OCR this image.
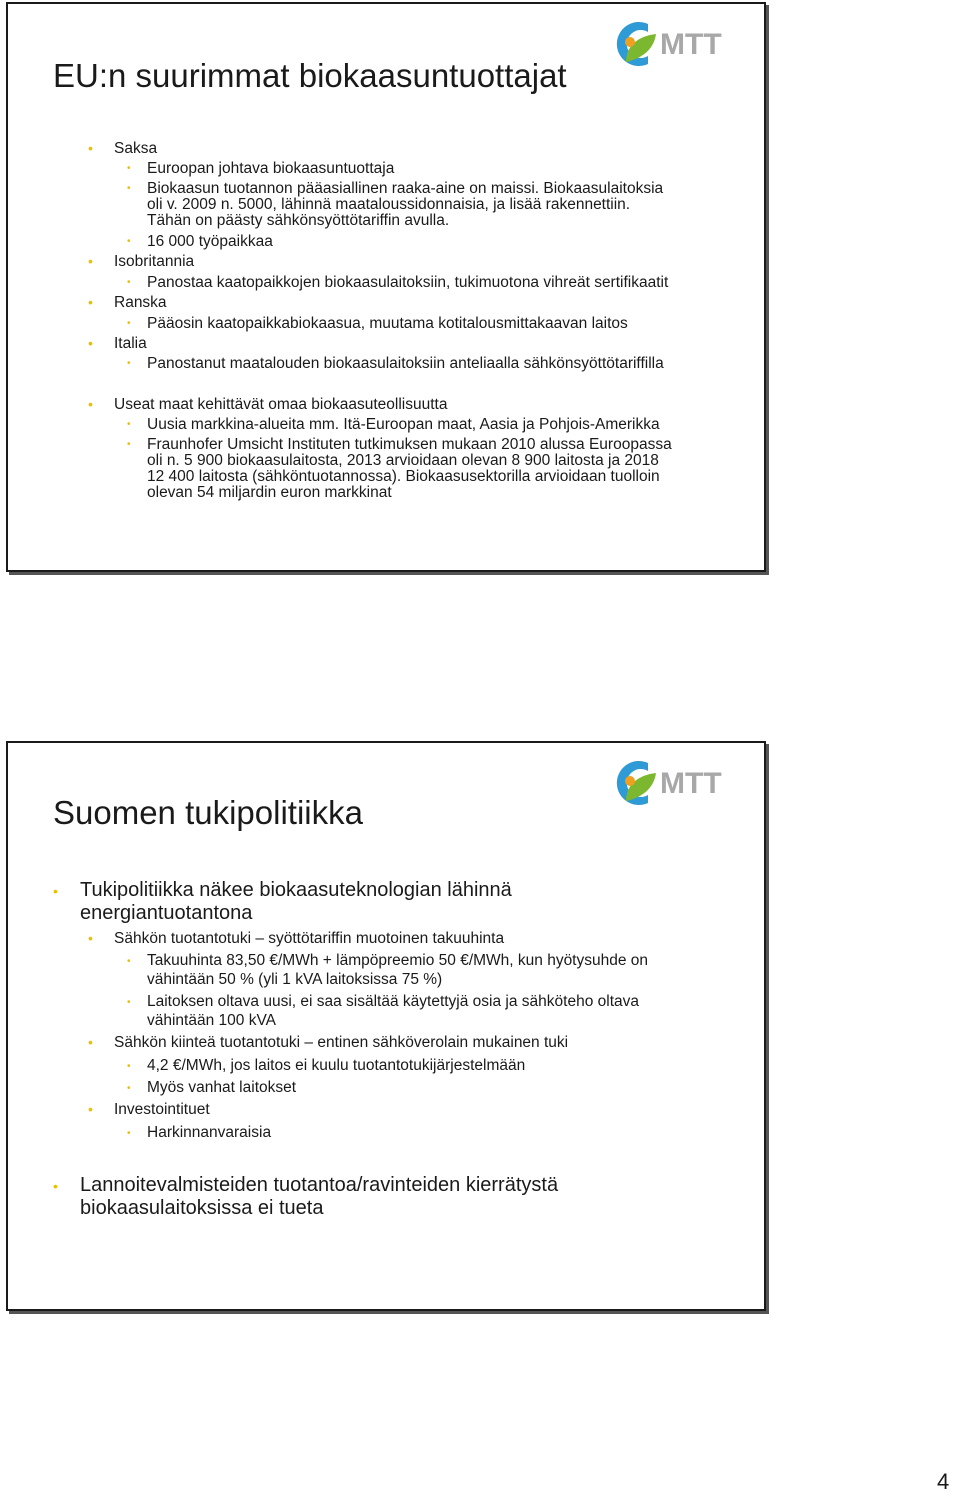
MTT
EU:n suurimmat biokaasuntuottajat
• Saksa
• Euroopan johtava biokaasuntuottaja
• Biokaasun tuotannon pääasiallinen raaka-aine on maissi. Biokaasulaitoksia
oli v. 2009 n. 5000, lähinnä maataloussidonnaisia, ja lisää rakennettiin.
Tähän on päästy sähkönsyöttötariffin avulla.
• 16 000 työpaikkaa
• Isobritannia
• Panostaa kaatopaikkojen biokaasulaitoksiin, tukimuotona vihreät sertifikaatit
• Ranska
• Pääosin kaatopaikkabiokaasua, muutama kotitalousmittakaavan laitos
• Italia
• Panostanut maatalouden biokaasulaitoksiin anteliaalla sähkönsyöttötariffilla
• Useat maat kehittävät omaa biokaasuteollisuutta
• Uusia markkina-alueita mm. Itä-Euroopan maat, Aasia ja Pohjois-Amerikka
• Fraunhofer Umsicht Instituten tutkimuksen mukaan 2010 alussa Euroopassa
oli n. 5 900 biokaasulaitosta, 2013 arvioidaan olevan 8 900 laitosta ja 2018
12 400 laitosta (sähköntuotannossa). Biokaasusektorilla arvioidaan tuolloin
olevan 54 miljardin euron markkinat
MTT
Suomen tukipolitiikka
• Tukipolitiikka näkee biokaasuteknologian lähinnä
energiantuotantona
• Sähkön tuotantotuki – syöttötariffin muotoinen takuuhinta
• Takuuhinta 83,50 €/MWh + lämpöpreemio 50 €/MWh, kun hyötysuhde on
vähintään 50 % (yli 1 kVA laitoksissa 75 %)
• Laitoksen oltava uusi, ei saa sisältää käytettyjä osia ja sähköteho oltava
vähintään 100 kVA
• Sähkön kiinteä tuotantotuki – entinen sähköverolain mukainen tuki
• 4,2 €/MWh, jos laitos ei kuulu tuotantotukijärjestelmään
• Myös vanhat laitokset
• Investointituet
• Harkinnanvaraisia
• Lannoitevalmisteiden tuotantoa/ravinteiden kierrätystä
biokaasulaitoksissa ei tueta
4
